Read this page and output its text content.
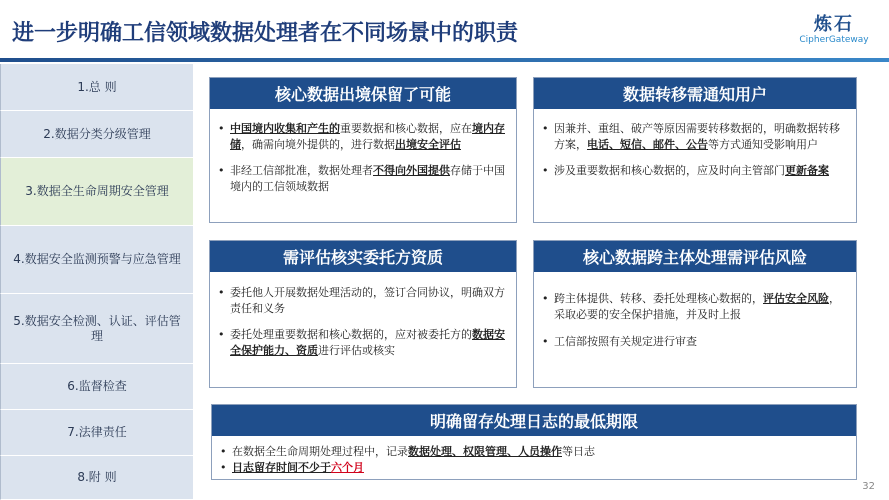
进一步明确工信领域数据处理者在不同场景中的职责	炼石
CipherGateway
1.总 则
2.数据分类分级管理
3.数据全生命周期安全管理
4.数据安全监测预警与应急管理
5.数据安全检测、认证、评估管理
6.监督检查
7.法律责任
8.附 则
核心数据出境保留了可能
• 中国境内收集和产生的重要数据和核心数据，应在境内存储，确需向境外提供的，进行数据出境安全评估
• 非经工信部批准，数据处理者不得向外国提供存储于中国境内的工信领域数据
数据转移需通知用户
• 因兼并、重组、破产等原因需要转移数据的，明确数据转移方案，电话、短信、邮件、公告等方式通知受影响用户
• 涉及重要数据和核心数据的，应及时向主管部门更新备案
需评估核实委托方资质
• 委托他人开展数据处理活动的，签订合同协议，明确双方责任和义务
• 委托处理重要数据和核心数据的，应对被委托方的数据安全保护能力、资质进行评估或核实
核心数据跨主体处理需评估风险
• 跨主体提供、转移、委托处理核心数据的，评估安全风险，采取必要的安全保护措施，并及时上报
• 工信部按照有关规定进行审查
明确留存处理日志的最低期限
• 在数据全生命周期处理过程中，记录数据处理、权限管理、人员操作等日志
• 日志留存时间不少于六个月
32
